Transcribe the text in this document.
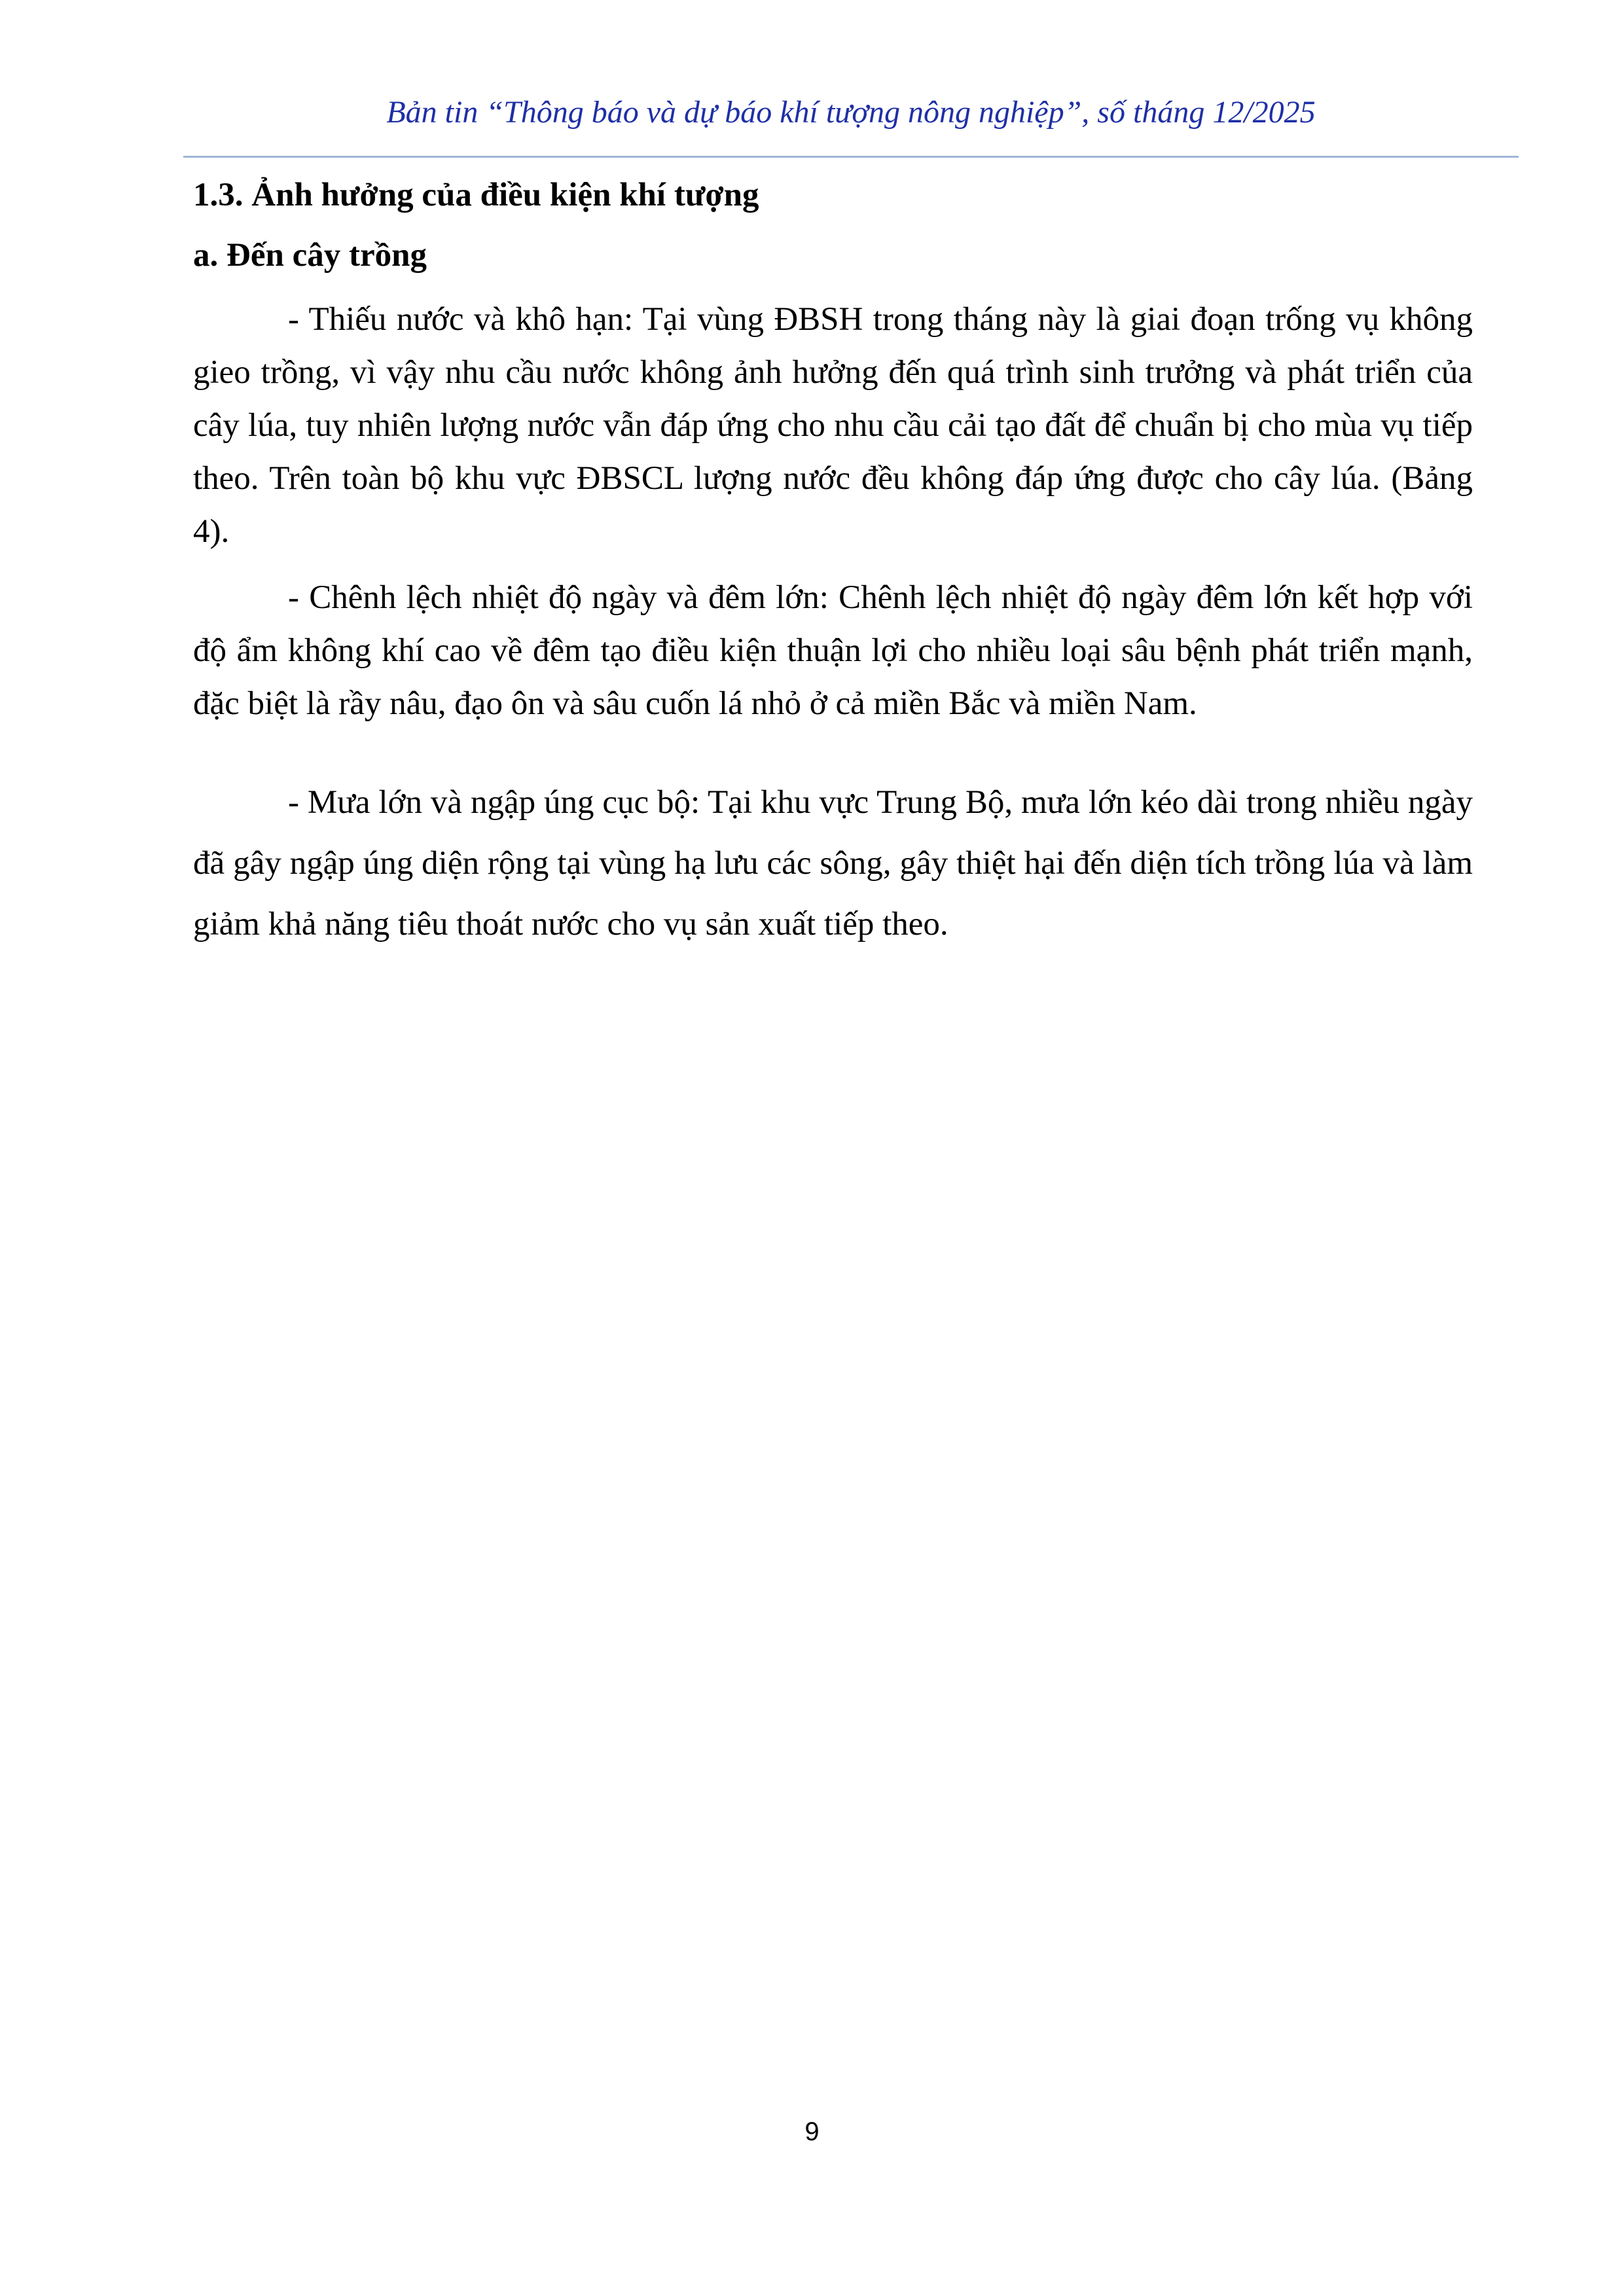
Bản tin “Thông báo và dự báo khí tượng nông nghiệp”, số tháng 12/2025
1.3. Ảnh hưởng của điều kiện khí tượng
a. Đến cây trồng

- Thiếu nước và khô hạn: Tại vùng ĐBSH trong tháng này là giai đoạn trống vụ không gieo trồng, vì vậy nhu cầu nước không ảnh hưởng đến quá trình sinh trưởng và phát triển của cây lúa, tuy nhiên lượng nước vẫn đáp ứng cho nhu cầu cải tạo đất để chuẩn bị cho mùa vụ tiếp theo. Trên toàn bộ khu vực ĐBSCL lượng nước đều không đáp ứng được cho cây lúa. (Bảng 4).

- Chênh lệch nhiệt độ ngày và đêm lớn: Chênh lệch nhiệt độ ngày đêm lớn kết hợp với độ ẩm không khí cao về đêm tạo điều kiện thuận lợi cho nhiều loại sâu bệnh phát triển mạnh, đặc biệt là rầy nâu, đạo ôn và sâu cuốn lá nhỏ ở cả miền Bắc và miền Nam.

- Mưa lớn và ngập úng cục bộ: Tại khu vực Trung Bộ, mưa lớn kéo dài trong nhiều ngày đã gây ngập úng diện rộng tại vùng hạ lưu các sông, gây thiệt hại đến diện tích trồng lúa và làm giảm khả năng tiêu thoát nước cho vụ sản xuất tiếp theo.

9
